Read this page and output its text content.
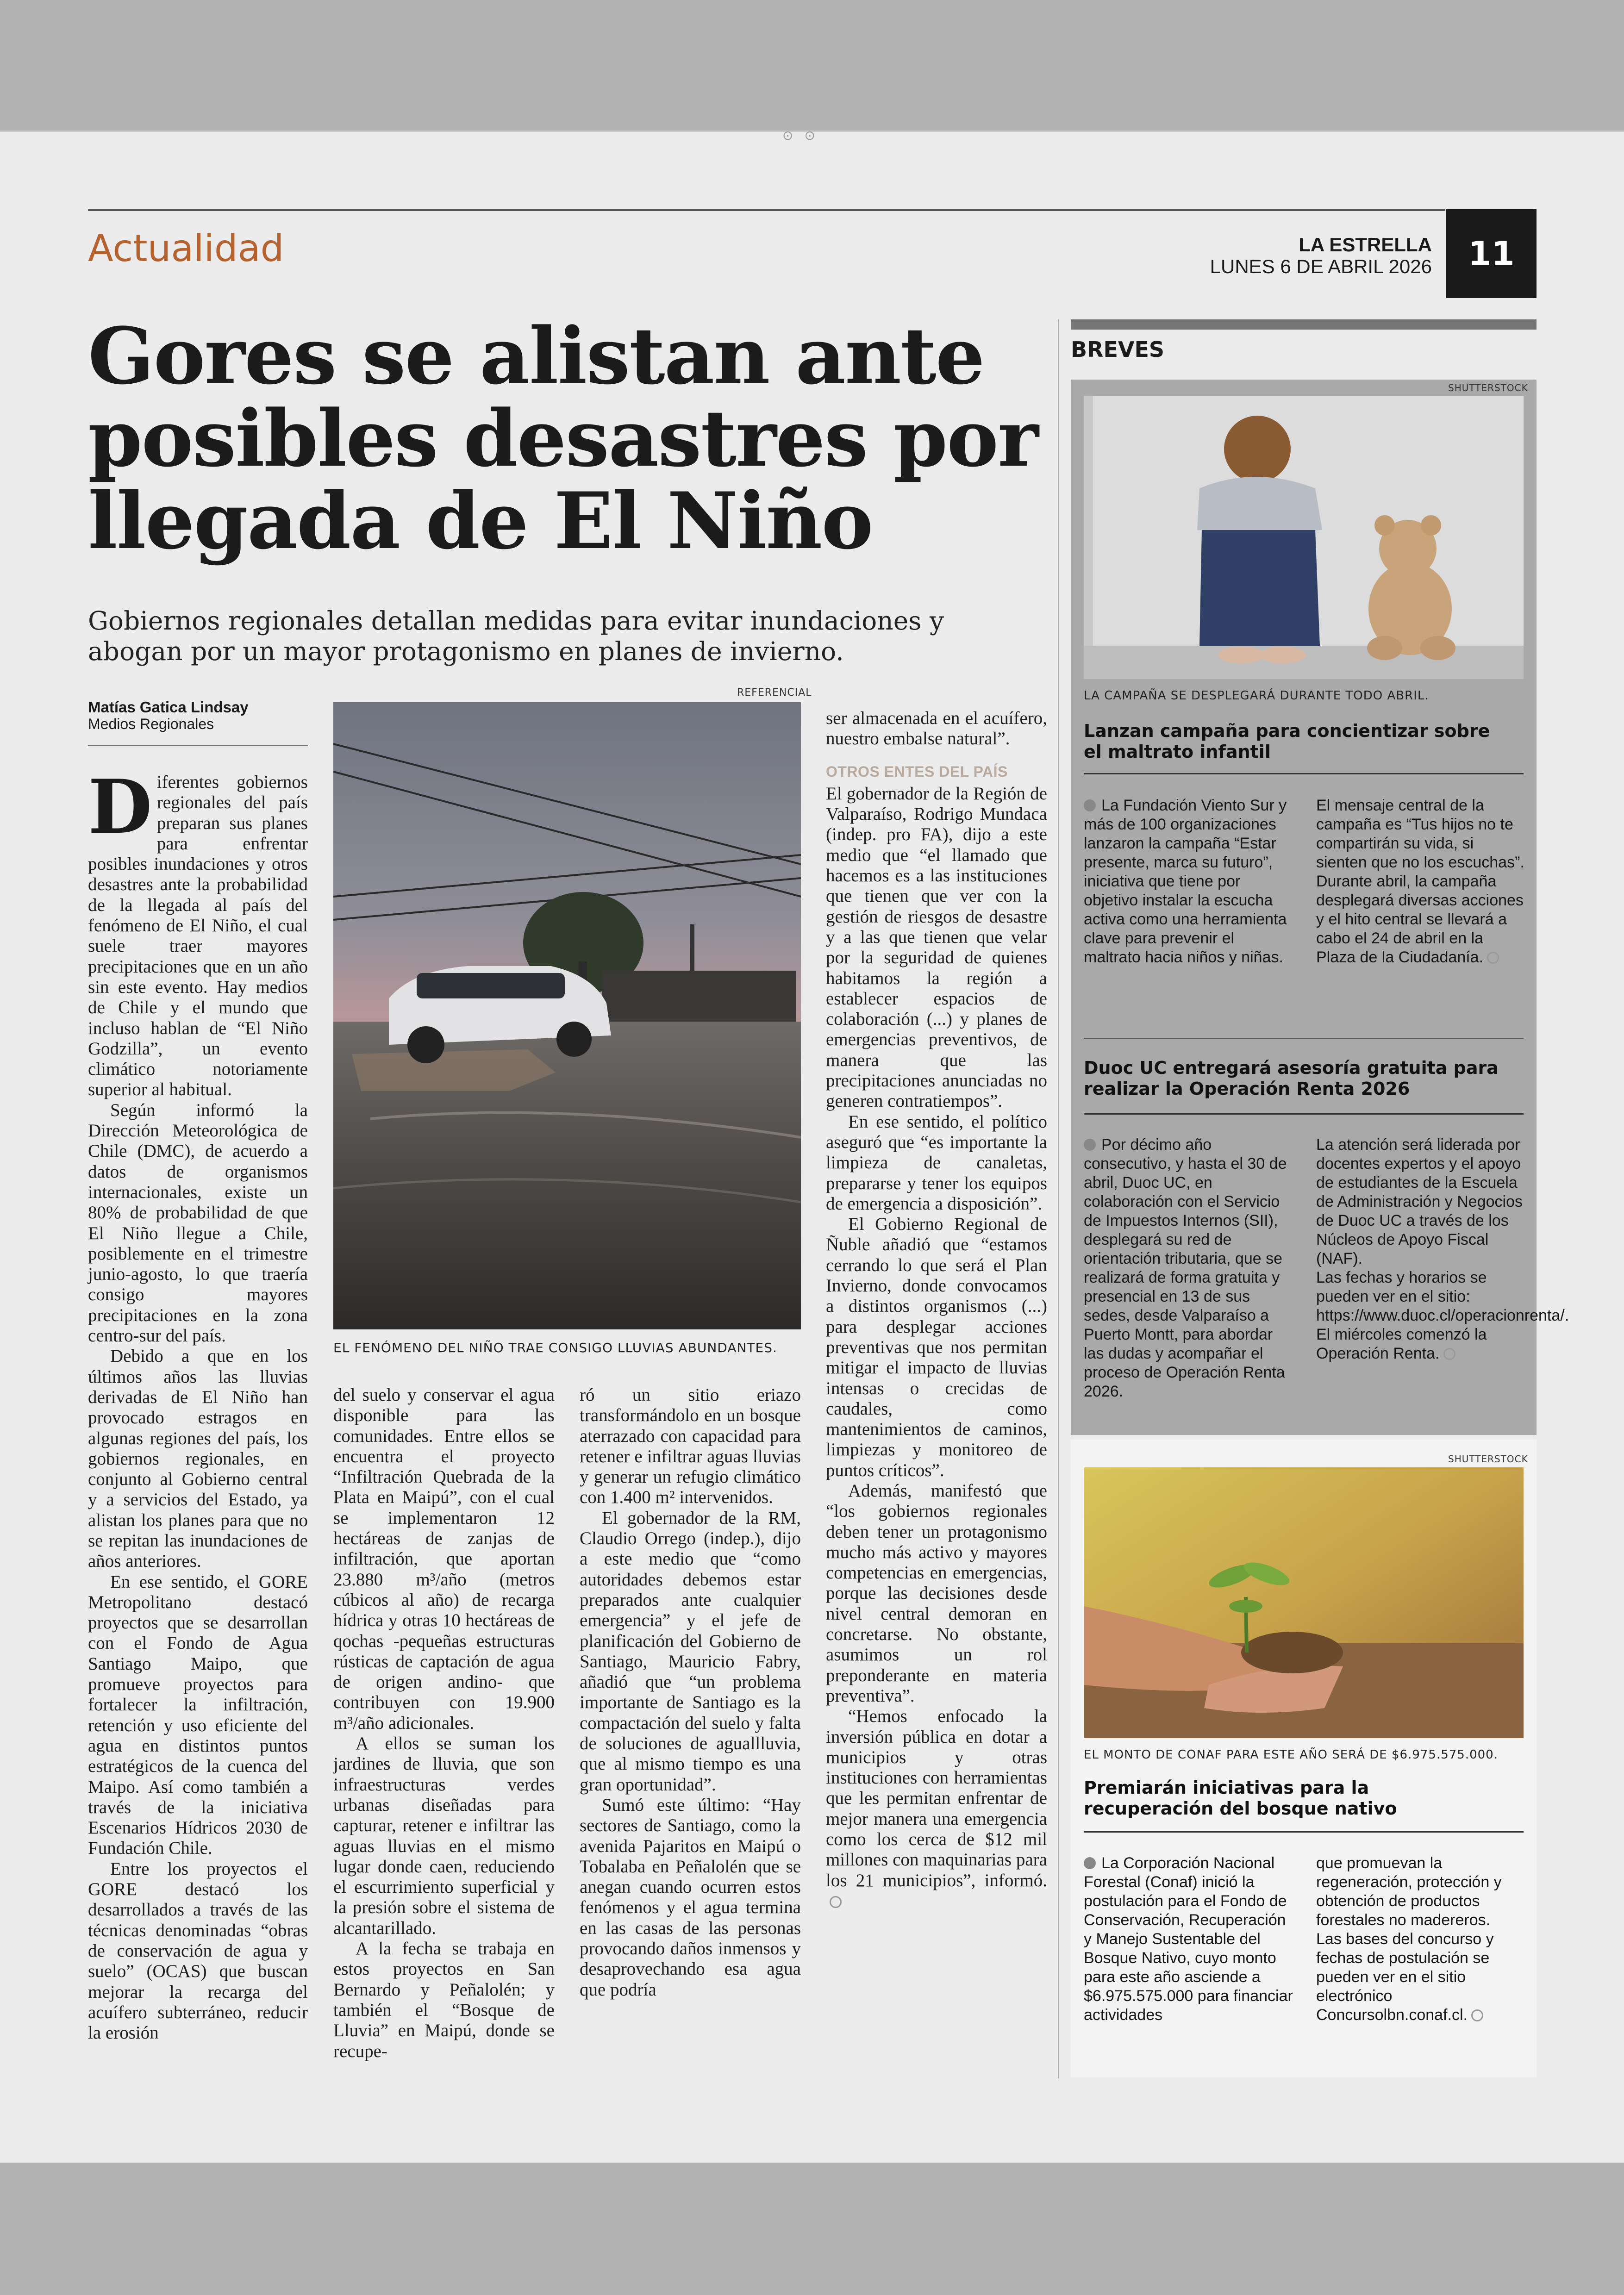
⊙⊙
Actualidad	LA ESTRELLA
LUNES 6 DE ABRIL 2026	11
Gores se alistan ante posibles desastres por llegada de El Niño
Gobiernos regionales detallan medidas para evitar inundaciones y abogan por un mayor protagonismo en planes de invierno.
Matías Gatica Lindsay
Medios Regionales
REFERENCIAL
EL FENÓMENO DEL NIÑO TRAE CONSIGO LLUVIAS ABUNDANTES.

Diferentes gobiernos regionales del país preparan sus planes para enfrentar posibles inundaciones y otros desastres ante la probabilidad de la llegada al país del fenómeno de El Niño, el cual suele traer mayores precipitaciones que en un año sin este evento. Hay medios de Chile y el mundo que incluso hablan de “El Niño Godzilla”, un evento climático notoriamente superior al habitual.

Según informó la Dirección Meteorológica de Chile (DMC), de acuerdo a datos de organismos internacionales, existe un 80% de probabilidad de que El Niño llegue a Chile, posiblemente en el trimestre junio-agosto, lo que traería consigo mayores precipitaciones en la zona centro-sur del país.

Debido a que en los últimos años las lluvias derivadas de El Niño han provocado estragos en algunas regiones del país, los gobiernos regionales, en conjunto al Gobierno central y a servicios del Estado, ya alistan los planes para que no se repitan las inundaciones de años anteriores.

En ese sentido, el GORE Metropolitano destacó proyectos que se desarrollan con el Fondo de Agua Santiago Maipo, que promueve proyectos para fortalecer la infiltración, retención y uso eficiente del agua en distintos puntos estratégicos de la cuenca del Maipo. Así como también a través de la iniciativa Escenarios Hídricos 2030 de Fundación Chile.

Entre los proyectos el GORE destacó los desarrollados a través de las técnicas denominadas “obras de conservación de agua y suelo” (OCAS) que buscan mejorar la recarga del acuífero subterráneo, reducir la erosión

del suelo y conservar el agua disponible para las comunidades. Entre ellos se encuentra el proyecto “Infiltración Quebrada de la Plata en Maipú”, con el cual se implementaron 12 hectáreas de zanjas de infiltración, que aportan 23.880 m³/año (metros cúbicos al año) de recarga hídrica y otras 10 hectáreas de qochas -pequeñas estructuras rústicas de captación de agua de origen andino- que contribuyen con 19.900 m³/año adicionales.

A ellos se suman los jardines de lluvia, que son infraestructuras verdes urbanas diseñadas para capturar, retener e infiltrar las aguas lluvias en el mismo lugar donde caen, reduciendo el escurrimiento superficial y la presión sobre el sistema de alcantarillado.

A la fecha se trabaja en estos proyectos en San Bernardo y Peñalolén; y también el “Bosque de Lluvia” en Maipú, donde se recupe-

ró un sitio eriazo transformándolo en un bosque aterrazado con capacidad para retener e infiltrar aguas lluvias y generar un refugio climático con 1.400 m² intervenidos.

El gobernador de la RM, Claudio Orrego (indep.), dijo a este medio que “como autoridades debemos estar preparados ante cualquier emergencia” y el jefe de planificación del Gobierno de Santiago, Mauricio Fabry, añadió que “un problema importante de Santiago es la compactación del suelo y falta de soluciones de aguallluvia, que al mismo tiempo es una gran oportunidad”.

Sumó este último: “Hay sectores de Santiago, como la avenida Pajaritos en Maipú o Tobalaba en Peñalolén que se anegan cuando ocurren estos fenómenos y el agua termina en las casas de las personas provocando daños inmensos y desaprovechando esa agua que podría

ser almacenada en el acuífero, nuestro embalse natural”.

OTROS ENTES DEL PAÍS

El gobernador de la Región de Valparaíso, Rodrigo Mundaca (indep. pro FA), dijo a este medio que “el llamado que hacemos es a las instituciones que tienen que ver con la gestión de riesgos de desastre y a las que tienen que velar por la seguridad de quienes habitamos la región a establecer espacios de colaboración (...) y planes de emergencias preventivos, de manera que las precipitaciones anunciadas no generen contratiempos”.

En ese sentido, el político aseguró que “es importante la limpieza de canaletas, prepararse y tener los equipos de emergencia a disposición”.

El Gobierno Regional de Ñuble añadió que “estamos cerrando lo que será el Plan Invierno, donde convocamos a distintos organismos (...) para desplegar acciones preventivas que nos permitan mitigar el impacto de lluvias intensas o crecidas de caudales, como mantenimientos de caminos, limpiezas y monitoreo de puntos críticos”.

Además, manifestó que “los gobiernos regionales deben tener un protagonismo mucho más activo y mayores competencias en emergencias, porque las decisiones desde nivel central demoran en concretarse. No obstante, asumimos un rol preponderante en materia preventiva”.

“Hemos enfocado la inversión pública en dotar a municipios y otras instituciones con herramientas que les permitan enfrentar de mejor manera una emergencia como los cerca de $12 mil millones con maquinarias para los 21 municipios”, informó.

BREVES
SHUTTERSTOCK
LA CAMPAÑA SE DESPLEGARÁ DURANTE TODO ABRIL.
Lanzan campaña para concientizar sobre el maltrato infantil
La Fundación Viento Sur y más de 100 organizaciones lanzaron la campaña “Estar presente, marca su futuro”, iniciativa que tiene por objetivo instalar la escucha activa como una herramienta clave para prevenir el maltrato hacia niños y niñas.
El mensaje central de la campaña es “Tus hijos no te compartirán su vida, si sienten que no los escuchas”. Durante abril, la campaña desplegará diversas acciones y el hito central se llevará a cabo el 24 de abril en la Plaza de la Ciudadanía.
Duoc UC entregará asesoría gratuita para realizar la Operación Renta 2026
Por décimo año consecutivo, y hasta el 30 de abril, Duoc UC, en colaboración con el Servicio de Impuestos Internos (SII), desplegará su red de orientación tributaria, que se realizará de forma gratuita y presencial en 13 de sus sedes, desde Valparaíso a Puerto Montt, para abordar las dudas y acompañar el proceso de Operación Renta 2026.
La atención será liderada por docentes expertos y el apoyo de estudiantes de la Escuela de Administración y Negocios de Duoc UC a través de los Núcleos de Apoyo Fiscal (NAF).
Las fechas y horarios se pueden ver en el sitio: https://www.duoc.cl/operacionrenta/.
El miércoles comenzó la Operación Renta.
SHUTTERSTOCK
EL MONTO DE CONAF PARA ESTE AÑO SERÁ DE $6.975.575.000.
Premiarán iniciativas para la recuperación del bosque nativo
La Corporación Nacional Forestal (Conaf) inició la postulación para el Fondo de Conservación, Recuperación y Manejo Sustentable del Bosque Nativo, cuyo monto para este año asciende a $6.975.575.000 para financiar actividades
que promuevan la regeneración, protección y obtención de productos forestales no madereros.
Las bases del concurso y fechas de postulación se pueden ver en el sitio electrónico Concursolbn.conaf.cl.
